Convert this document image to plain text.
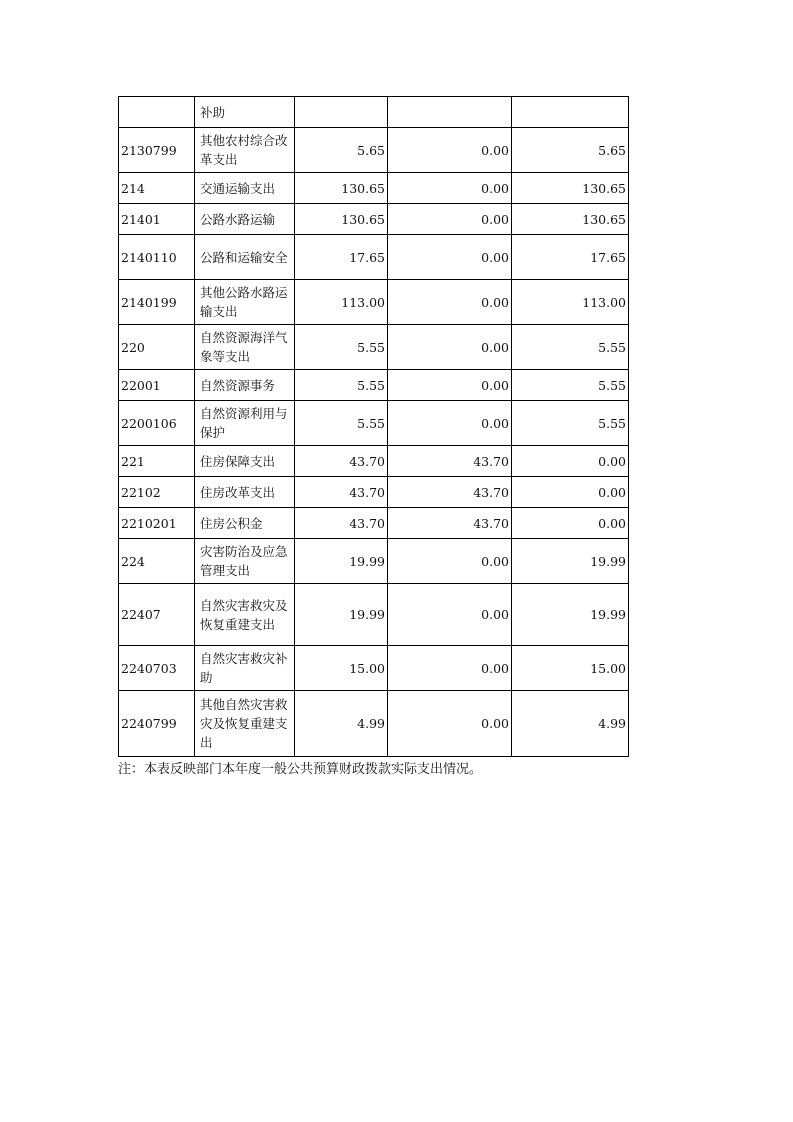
	补助			

2130799	其他农村综合改革支出	5.65	0.00	5.65
214	交通运输支出	130.65	0.00	130.65
21401	公路水路运输	130.65	0.00	130.65
2140110	公路和运输安全	17.65	0.00	17.65
2140199	其他公路水路运输支出	113.00	0.00	113.00
220	自然资源海洋气象等支出	5.55	0.00	5.55
22001	自然资源事务	5.55	0.00	5.55
2200106	自然资源利用与保护	5.55	0.00	5.55
221	住房保障支出	43.70	43.70	0.00
22102	住房改革支出	43.70	43.70	0.00
2210201	住房公积金	43.70	43.70	0.00
224	灾害防治及应急管理支出	19.99	0.00	19.99
22407	自然灾害救灾及恢复重建支出	19.99	0.00	19.99
2240703	自然灾害救灾补助	15.00	0.00	15.00
2240799	其他自然灾害救灾及恢复重建支出	4.99	0.00	4.99
注：本表反映部门本年度一般公共预算财政拨款实际支出情况。
